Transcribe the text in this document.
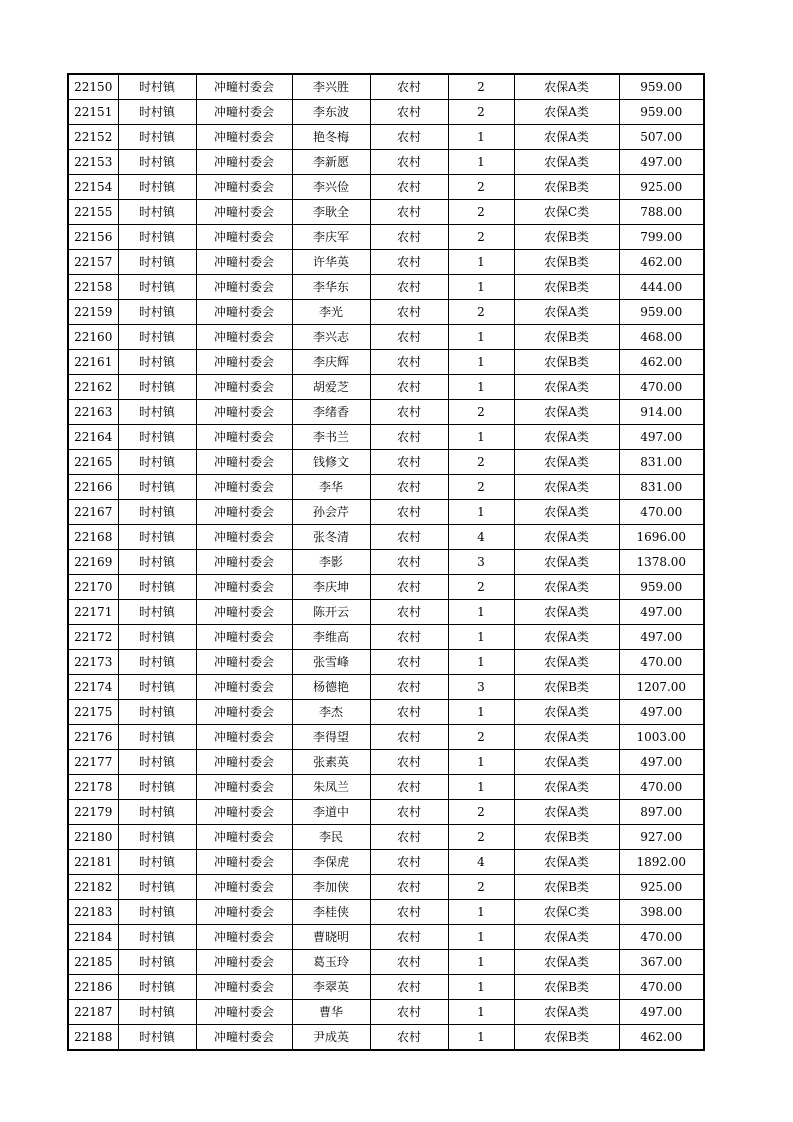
22150	时村镇	冲疃村委会	李兴胜	农村	2	农保A类	959.00
22151	时村镇	冲疃村委会	李东波	农村	2	农保A类	959.00
22152	时村镇	冲疃村委会	艳冬梅	农村	1	农保A类	507.00
22153	时村镇	冲疃村委会	李新愿	农村	1	农保A类	497.00
22154	时村镇	冲疃村委会	李兴俭	农村	2	农保B类	925.00
22155	时村镇	冲疃村委会	李耿全	农村	2	农保C类	788.00
22156	时村镇	冲疃村委会	李庆军	农村	2	农保B类	799.00
22157	时村镇	冲疃村委会	许华英	农村	1	农保B类	462.00
22158	时村镇	冲疃村委会	李华东	农村	1	农保B类	444.00
22159	时村镇	冲疃村委会	李光	农村	2	农保A类	959.00
22160	时村镇	冲疃村委会	李兴志	农村	1	农保B类	468.00
22161	时村镇	冲疃村委会	李庆辉	农村	1	农保B类	462.00
22162	时村镇	冲疃村委会	胡爱芝	农村	1	农保A类	470.00
22163	时村镇	冲疃村委会	李绪香	农村	2	农保A类	914.00
22164	时村镇	冲疃村委会	李书兰	农村	1	农保A类	497.00
22165	时村镇	冲疃村委会	钱修文	农村	2	农保A类	831.00
22166	时村镇	冲疃村委会	李华	农村	2	农保A类	831.00
22167	时村镇	冲疃村委会	孙会芹	农村	1	农保A类	470.00
22168	时村镇	冲疃村委会	张冬清	农村	4	农保A类	1696.00
22169	时村镇	冲疃村委会	李影	农村	3	农保A类	1378.00
22170	时村镇	冲疃村委会	李庆坤	农村	2	农保A类	959.00
22171	时村镇	冲疃村委会	陈开云	农村	1	农保A类	497.00
22172	时村镇	冲疃村委会	李维高	农村	1	农保A类	497.00
22173	时村镇	冲疃村委会	张雪峰	农村	1	农保A类	470.00
22174	时村镇	冲疃村委会	杨德艳	农村	3	农保B类	1207.00
22175	时村镇	冲疃村委会	李杰	农村	1	农保A类	497.00
22176	时村镇	冲疃村委会	李得望	农村	2	农保A类	1003.00
22177	时村镇	冲疃村委会	张素英	农村	1	农保A类	497.00
22178	时村镇	冲疃村委会	朱凤兰	农村	1	农保A类	470.00
22179	时村镇	冲疃村委会	李道中	农村	2	农保A类	897.00
22180	时村镇	冲疃村委会	李民	农村	2	农保B类	927.00
22181	时村镇	冲疃村委会	李保虎	农村	4	农保A类	1892.00
22182	时村镇	冲疃村委会	李加侠	农村	2	农保B类	925.00
22183	时村镇	冲疃村委会	李桂侠	农村	1	农保C类	398.00
22184	时村镇	冲疃村委会	曹晓明	农村	1	农保A类	470.00
22185	时村镇	冲疃村委会	葛玉玲	农村	1	农保A类	367.00
22186	时村镇	冲疃村委会	李翠英	农村	1	农保B类	470.00
22187	时村镇	冲疃村委会	曹华	农村	1	农保A类	497.00
22188	时村镇	冲疃村委会	尹成英	农村	1	农保B类	462.00
